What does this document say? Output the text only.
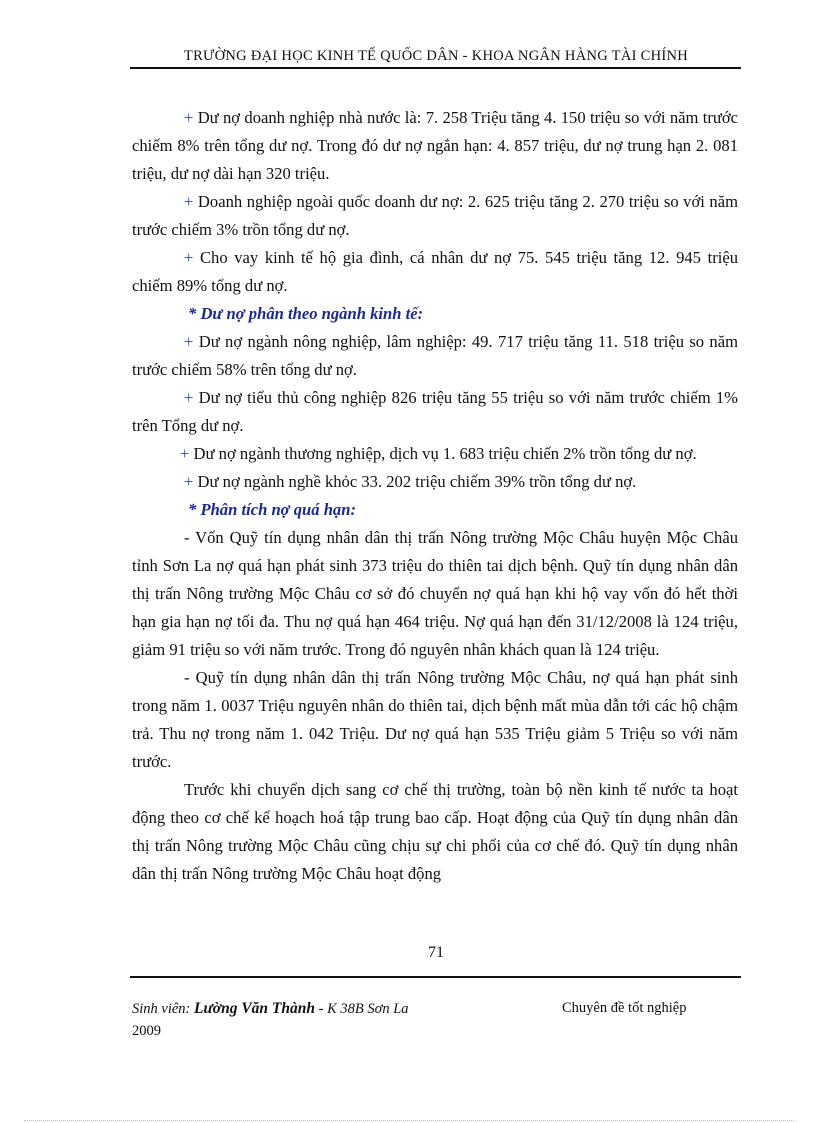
TRƯỜNG ĐẠI HỌC KINH TẾ QUỐC DÂN - KHOA NGÂN HÀNG TÀI CHÍNH

+ Dư nợ doanh nghiệp nhà nước là: 7. 258 Triệu tăng 4. 150 triệu so với năm trước chiếm 8% trên tổng dư nợ. Trong đó dư nợ ngắn hạn: 4. 857 triệu, dư nợ trung hạn 2. 081 triệu, dư nợ dài hạn 320 triệu.

+ Doanh nghiệp ngoài quốc doanh dư nợ: 2. 625 triệu tăng 2. 270 triệu so với năm trước chiếm 3% trồn tổng dư nợ.

+ Cho vay kinh tế hộ gia đình, cá nhân dư nợ 75. 545 triệu tăng 12. 945 triệu chiếm 89% tổng dư nợ.

* Dư nợ phân theo ngành kinh tế:

+ Dư nợ ngành nông nghiệp, lâm nghiệp: 49. 717 triệu tăng 11. 518 triệu so năm trước chiếm 58% trên tổng dư nợ.

+ Dư nợ tiểu thủ công nghiệp 826 triệu tăng 55 triệu so với năm trước chiếm 1% trên Tổng dư nợ.

+ Dư nợ ngành thương nghiệp, dịch vụ 1. 683 triệu chiến 2% trồn tổng dư nợ.

+ Dư nợ ngành nghề khỏc 33. 202 triệu chiếm 39% trồn tổng dư nợ.

* Phân tích nợ quá hạn:

- Vốn Quỹ tín dụng nhân dân thị trấn Nông trường Mộc Châu huyện Mộc Châu tỉnh Sơn La nợ quá hạn phát sinh 373 triệu do thiên tai dịch bệnh. Quỹ tín dụng nhân dân thị trấn Nông trường Mộc Châu cơ sở đó chuyển nợ quá hạn khi hộ vay vốn đó hết thời hạn gia hạn nợ tối đa. Thu nợ quá hạn 464 triệu. Nợ quá hạn đến 31/12/2008 là 124 triệu, giảm 91 triệu so với năm trước. Trong đó nguyên nhân khách quan là 124 triệu.

- Quỹ tín dụng nhân dân thị trấn Nông trường Mộc Châu, nợ quá hạn phát sinh trong năm 1. 0037 Triệu nguyên nhân do thiên tai, dịch bệnh mất mùa dẫn tới các hộ chậm trả. Thu nợ trong năm 1. 042 Triệu. Dư nợ quá hạn 535 Triệu giảm 5 Triệu so với năm trước.

Trước khi chuyển dịch sang cơ chế thị trường, toàn bộ nền kinh tế nước ta hoạt động theo cơ chế kế hoạch hoá tập trung bao cấp. Hoạt động của Quỹ tín dụng nhân dân thị trấn Nông trường Mộc Châu cũng chịu sự chi phối của cơ chế đó. Quỹ tín dụng nhân dân thị trấn Nông trường Mộc Châu hoạt động

71
Sinh viên: Lường Văn Thành - K 38B Sơn La
2009
Chuyên đề tốt nghiệp
